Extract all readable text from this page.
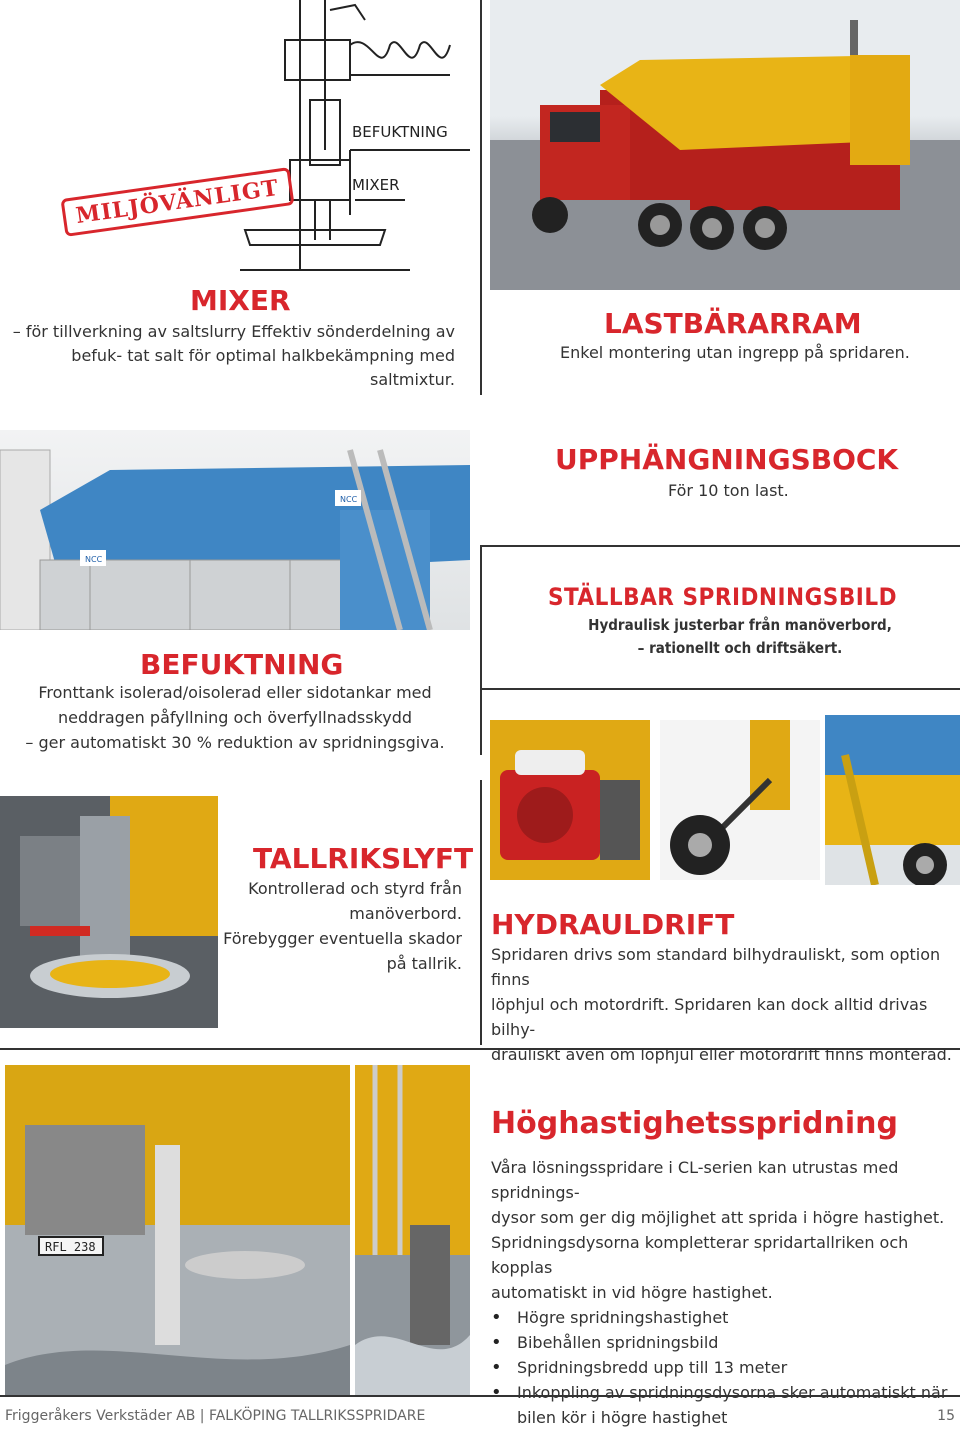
BEFUKTNING
MIXER
MILJÖVÄNLIGT
MIXER
– för tillverkning av saltslurry Effektiv sönderdelning av befuk- tat salt för optimal halkbekämpning med saltmixtur.
LASTBÄRARRAM
Enkel montering utan ingrepp på spridaren.
NCC
NCC
UPPHÄNGNINGSBOCK
För 10 ton last.
BEFUKTNING
Fronttank isolerad/oisolerad eller sidotankar med
neddragen påfyllning och överfyllnadsskydd
– ger automatiskt 30 % reduktion av spridningsgiva.
STÄLLBAR SPRIDNINGSBILD
Hydraulisk justerbar från manöverbord,
– rationellt och driftsäkert.
TALLRIKSLYFT
Kontrollerad och styrd från
manöverbord.
Förebygger eventuella skador
på tallrik.
HYDRAULDRIFT
Spridaren drivs som standard bilhydrauliskt, som option finns
löphjul och motordrift. Spridaren kan dock alltid drivas bilhy-
drauliskt även om löphjul eller motordrift finns monterad.
RFL 238
Höghastighetsspridning
Våra lösningsspridare i CL-serien kan utrustas med spridnings-
dysor som ger dig möjlighet att sprida i högre hastighet.
Spridningsdysorna kompletterar spridartallriken och kopplas
automatiskt in vid högre hastighet.
• Högre spridningshastighet
• Bibehållen spridningsbild
• Spridningsbredd upp till 13 meter
• Inkoppling av spridningsdysorna sker automatiskt när bilen kör i högre hastighet
Friggeråkers Verkstäder AB | FALKÖPING TALLRIKSSPRIDARE	15
